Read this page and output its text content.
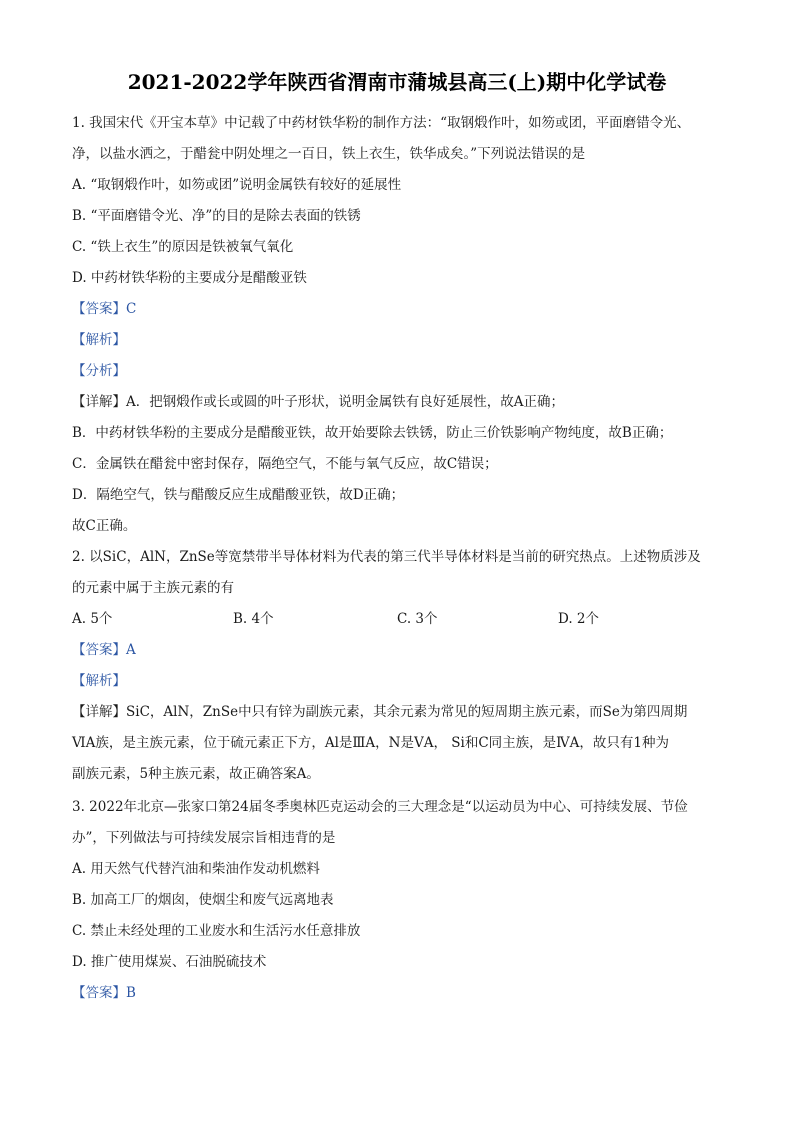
2021-2022学年陕西省渭南市蒲城县高三(上)期中化学试卷
1. 我国宋代《开宝本草》中记载了中药材铁华粉的制作方法：“取钢煅作叶，如笏或团，平面磨错令光、
净，以盐水洒之，于醋瓮中阴处埋之一百日，铁上衣生，铁华成矣。”下列说法错误的是
A. “取钢煅作叶，如笏或团”说明金属铁有较好的延展性
B. “平面磨错令光、净”的目的是除去表面的铁锈
C. “铁上衣生”的原因是铁被氧气氧化
D. 中药材铁华粉的主要成分是醋酸亚铁
【答案】C
【解析】
【分析】
【详解】A．把钢煅作或长或圆的叶子形状，说明金属铁有良好延展性，故A正确；
B．中药材铁华粉的主要成分是醋酸亚铁，故开始要除去铁锈，防止三价铁影响产物纯度，故B正确；
C．金属铁在醋瓮中密封保存，隔绝空气，不能与氧气反应，故C错误；
D．隔绝空气，铁与醋酸反应生成醋酸亚铁，故D正确；
故C正确。
2. 以SiC，AlN，ZnSe等宽禁带半导体材料为代表的第三代半导体材料是当前的研究热点。上述物质涉及
的元素中属于主族元素的有
A. 5个	B. 4个	C. 3个	D. 2个
【答案】A
【解析】
【详解】SiC，AlN，ZnSe中只有锌为副族元素，其余元素为常见的短周期主族元素，而Se为第四周期
ⅥA族，是主族元素，位于硫元素正下方，Al是ⅢA，N是ⅤA， Si和C同主族，是ⅣA，故只有1种为
副族元素，5种主族元素，故正确答案A。
3. 2022年北京—张家口第24届冬季奥林匹克运动会的三大理念是“以运动员为中心、可持续发展、节俭
办”，下列做法与可持续发展宗旨相违背的是
A. 用天然气代替汽油和柴油作发动机燃料
B. 加高工厂的烟囱，使烟尘和废气远离地表
C. 禁止未经处理的工业废水和生活污水任意排放
D. 推广使用煤炭、石油脱硫技术
【答案】B
